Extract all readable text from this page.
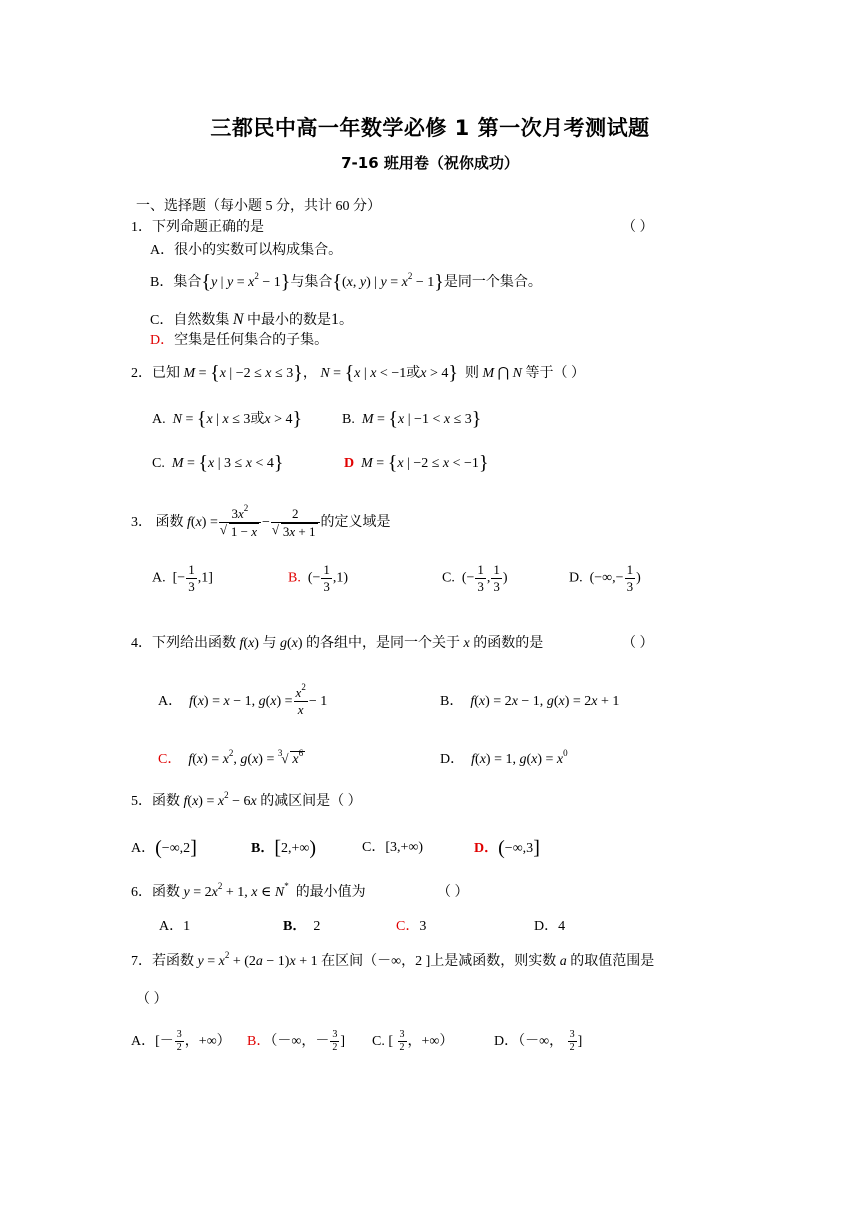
三都民中高一年数学必修 1 第一次月考测试题
7-16 班用卷（祝你成功）
一、选择题（每小题 5 分，共计 60 分）
1．下列命题正确的是	（ ）
A．很小的实数可以构成集合。
B．集合{y | $y = x^2 - 1$}与集合{(x, y) | $y = x^2 - 1$}是同一个集合。
C．自然数集 N 中最小的数是1。
D．空集是任何集合的子集。
2．已知 M = {x | −2 ≤ x ≤ 3}， N = {x | x < −1或x > 4} 则 M ⋂ N 等于（ ）
A. N = {x | x ≤ 3或x > 4}	B. M = {x | −1 < x ≤ 3}
C. M = {x | 3 ≤ x < 4}	D M = {x | −2 ≤ x < −1}
3． 函数 $f(x) = 3x^2$
√ 1 − x − 2
√ 3x + 1 的定义域是
A.  [− $\frac{1}{3} ,1$]	B.  (− $\frac{1}{3} ,1$)	C.  (− $\frac{1}{3}$ , $\frac{1}{3}$ )	D.  (−∞,− $\frac{1}{3}$ )
4．下列给出函数 f(x) 与 g(x) 的各组中，是同一个关于 x 的函数的是	（ ）
A． f(x) = x − 1, $g(x) = \frac{x^2}{x} - 1$	B． f(x) = 2x − 1, g(x) = 2x + 1
C． $f(x) = x^2$, g(x) = $^3$√ $x^6$	D． f(x) = 1, $g(x) = x^0$
5．函数 $f(x) = x^2 - 6x$ 的减区间是（ ）
A．(−∞,2]	B．[2,+∞)	C．[3,+∞)	D．(−∞,3]
6．函数 $y = 2x^2 + 1$, x ∈ N* 的最小值为	（ ）
A．1	B． 2	C．3	D．4
7．若函数 $y = x^2 + (2a - 1)x + 1$ 在区间（－∞，2 ]上是减函数，则实数 a 的取值范围是
（ ）
A．[－ $\frac{3}{2}$ ，+∞） B．（－∞，－ $\frac{3}{2}$ ] C. [ $\frac{3}{2}$ ，+∞）	D．（－∞， $\frac{3}{2}$ ]
